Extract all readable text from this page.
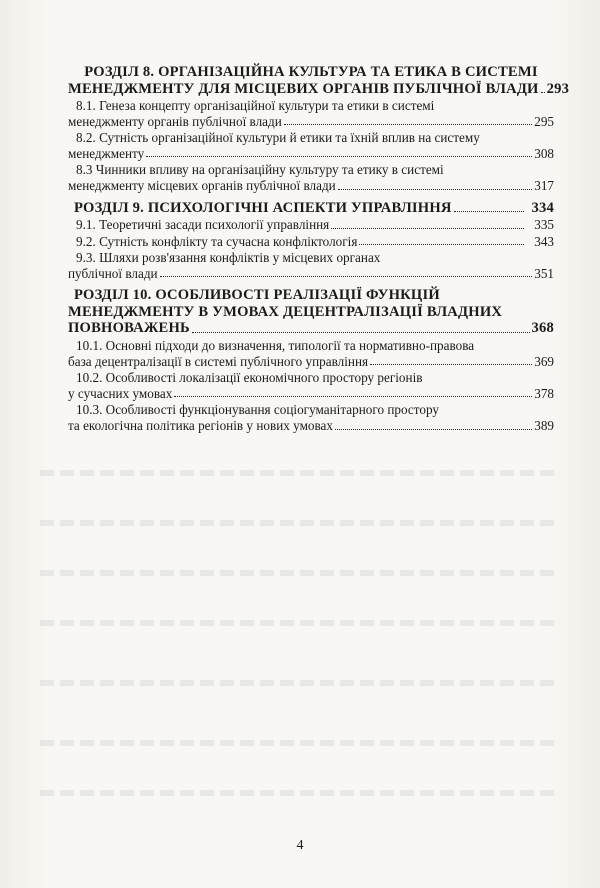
РОЗДІЛ 8. ОРГАНІЗАЦІЙНА КУЛЬТУРА ТА ЕТИКА В СИСТЕМІ
МЕНЕДЖМЕНТУ ДЛЯ МІСЦЕВИХ ОРГАНІВ ПУБЛІЧНОЇ ВЛАДИ 293
8.1. Генеза концепту організаційної культури та етики в системі
менеджменту органів публічної влади	295
8.2. Сутність організаційної культури й етики та їхній вплив на систему
менеджменту	308
8.3 Чинники впливу на організаційну культуру та етику в системі
менеджменту місцевих органів публічної влади	317
РОЗДІЛ 9. ПСИХОЛОГІЧНІ АСПЕКТИ УПРАВЛІННЯ	334
9.1. Теоретичні засади психології управління	335
9.2. Сутність конфлікту та сучасна конфліктологія	343
9.3. Шляхи розв'язання конфліктів у місцевих органах
публічної влади	351
РОЗДІЛ 10. ОСОБЛИВОСТІ РЕАЛІЗАЦІЇ ФУНКЦІЙ
МЕНЕДЖМЕНТУ В УМОВАХ ДЕЦЕНТРАЛІЗАЦІЇ ВЛАДНИХ
ПОВНОВАЖЕНЬ	368
10.1. Основні підходи до визначення, типології та нормативно-правова
база децентралізації в системі публічного управління	369
10.2. Особливості локалізації економічного простору регіонів
у сучасних умовах	378
10.3. Особливості функціонування соціогуманітарного простору
та екологічна політика регіонів у нових умовах	389
4
